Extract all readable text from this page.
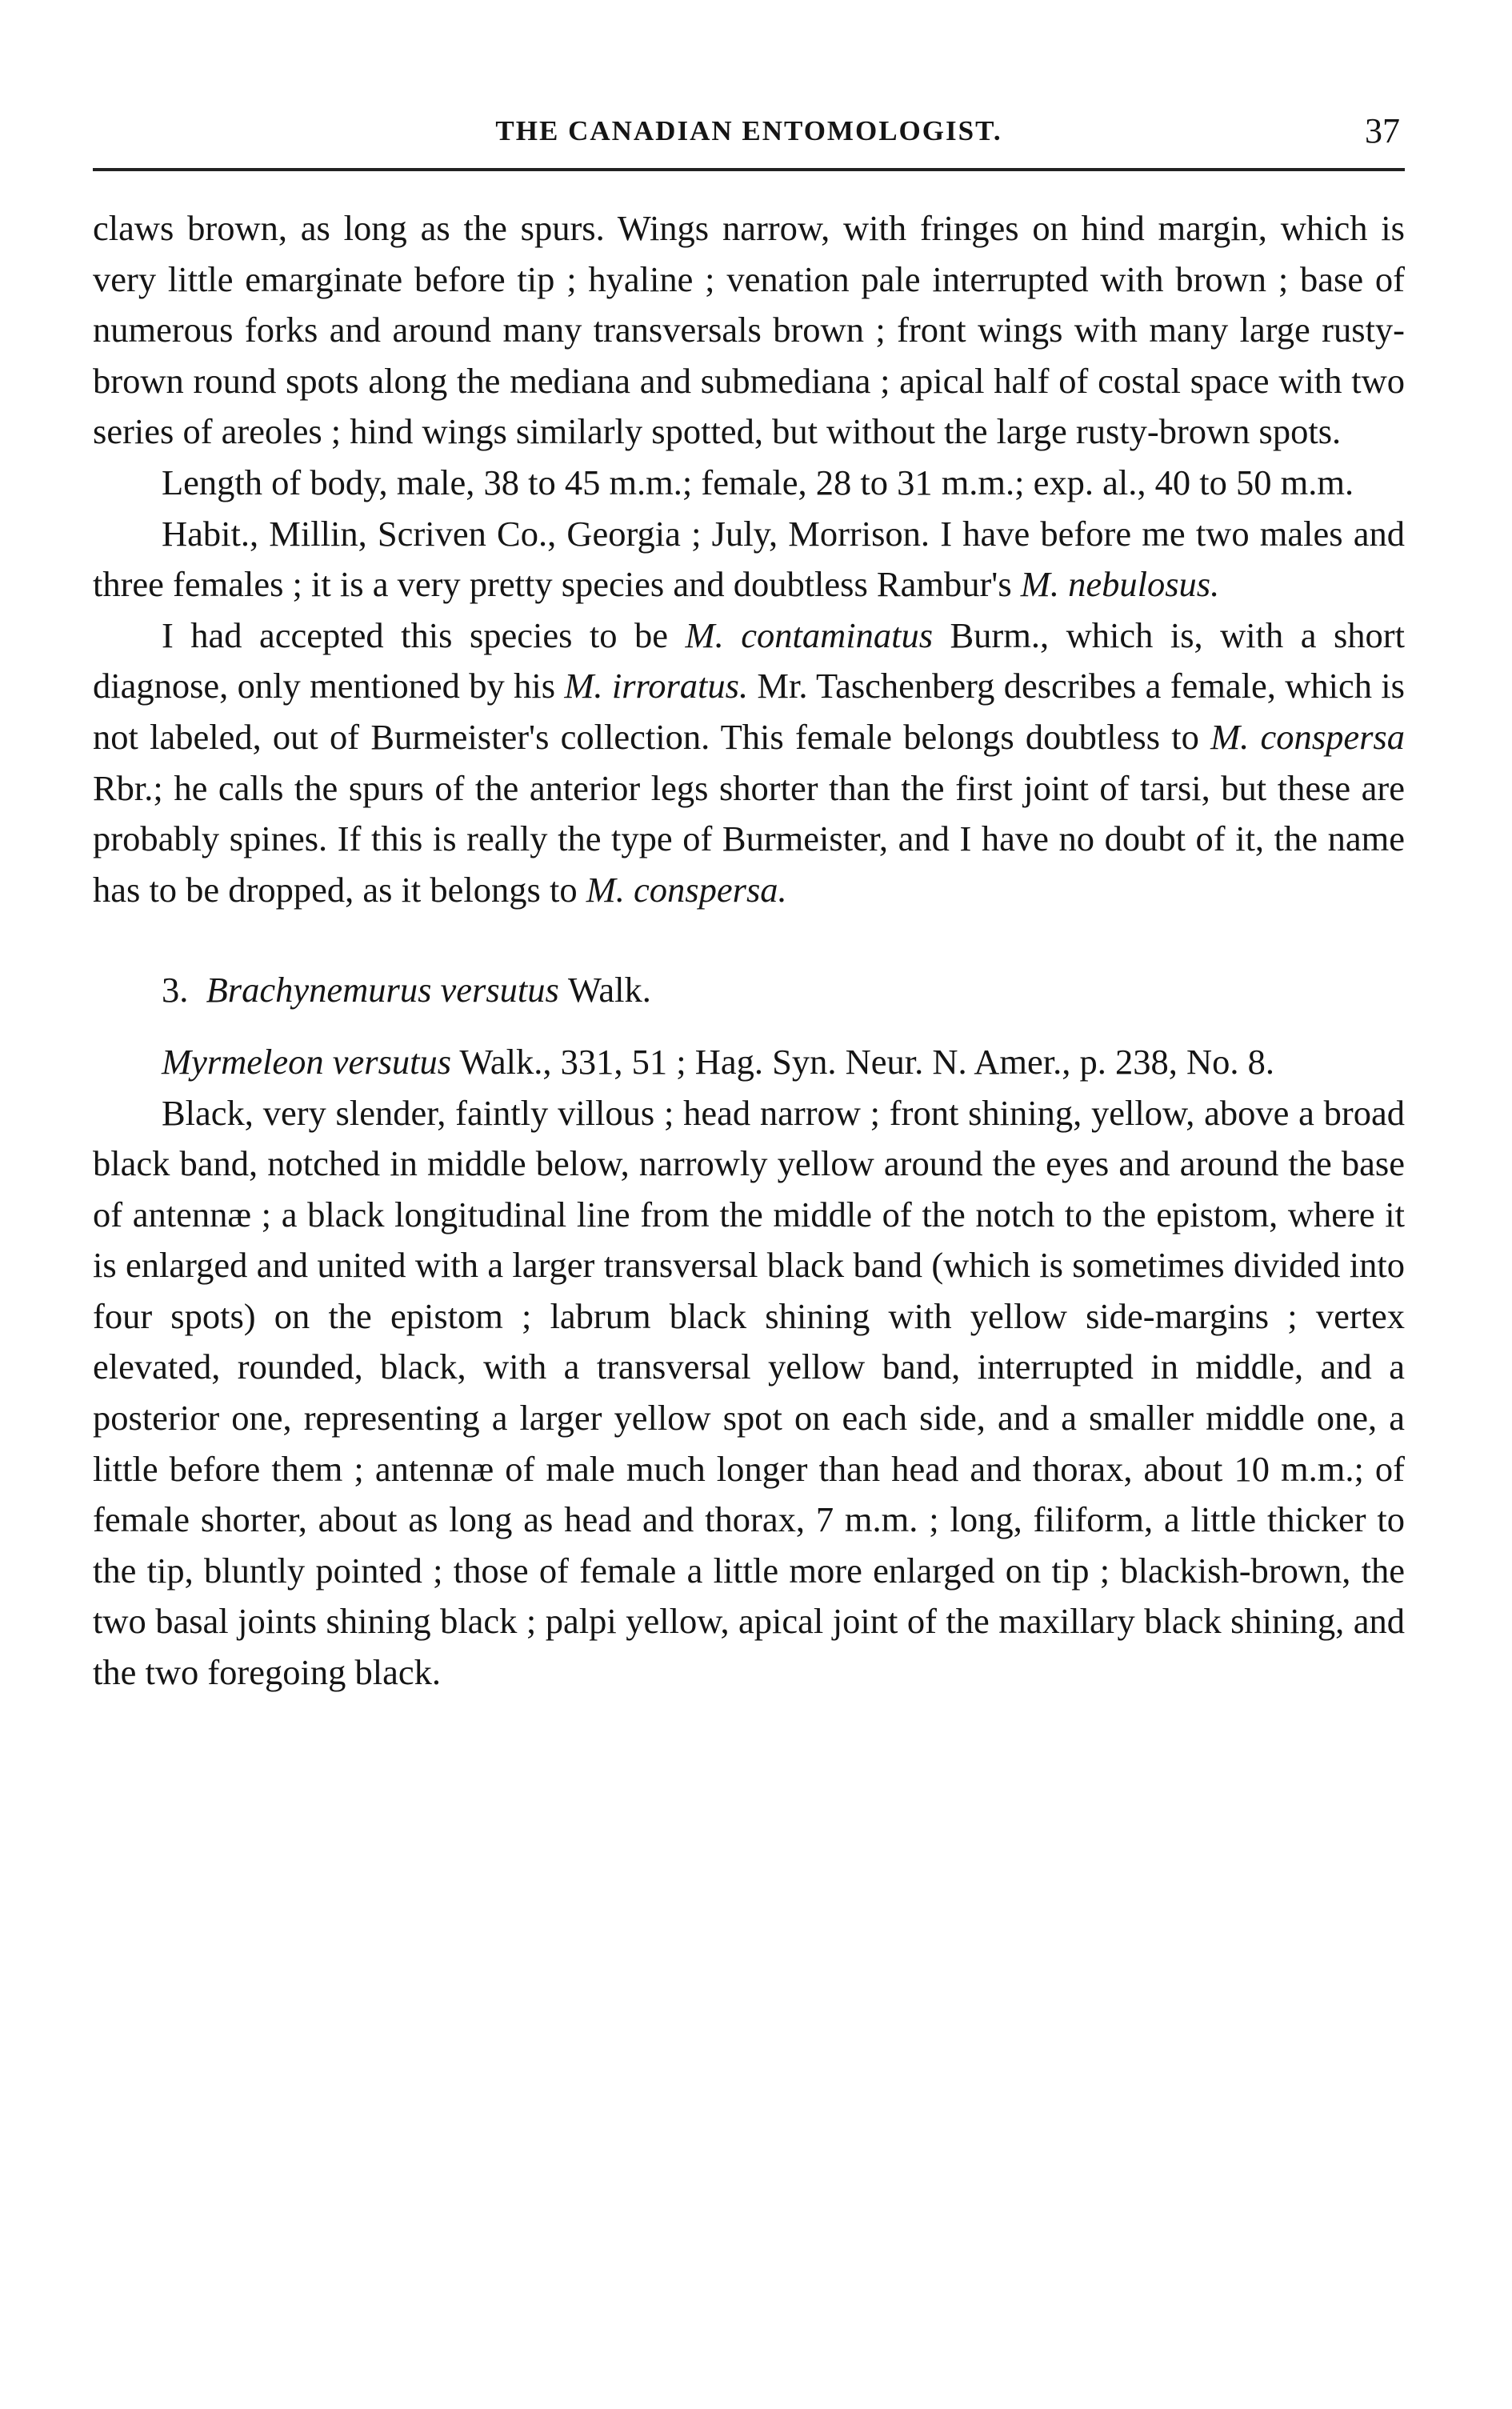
THE CANADIAN ENTOMOLOGIST.	37

claws brown, as long as the spurs. Wings narrow, with fringes on hind margin, which is very little emarginate before tip ; hyaline ; venation pale interrupted with brown ; base of numerous forks and around many transversals brown ; front wings with many large rusty-brown round spots along the mediana and submediana ; apical half of costal space with two series of areoles ; hind wings similarly spotted, but without the large rusty-brown spots.

Length of body, male, 38 to 45 m.m.; female, 28 to 31 m.m.; exp. al., 40 to 50 m.m.

Habit., Millin, Scriven Co., Georgia ; July, Morrison. I have before me two males and three females ; it is a very pretty species and doubtless Rambur's M. nebulosus.

I had accepted this species to be M. contaminatus Burm., which is, with a short diagnose, only mentioned by his M. irroratus. Mr. Taschenberg describes a female, which is not labeled, out of Burmeister's collection. This female belongs doubtless to M. conspersa Rbr.; he calls the spurs of the anterior legs shorter than the first joint of tarsi, but these are probably spines. If this is really the type of Burmeister, and I have no doubt of it, the name has to be dropped, as it belongs to M. conspersa.

3. Brachynemurus versutus Walk.

Myrmeleon versutus Walk., 331, 51 ; Hag. Syn. Neur. N. Amer., p. 238, No. 8.

Black, very slender, faintly villous ; head narrow ; front shining, yellow, above a broad black band, notched in middle below, narrowly yellow around the eyes and around the base of antennæ ; a black longitudinal line from the middle of the notch to the epistom, where it is enlarged and united with a larger transversal black band (which is sometimes divided into four spots) on the epistom ; labrum black shining with yellow side-margins ; vertex elevated, rounded, black, with a transversal yellow band, interrupted in middle, and a posterior one, representing a larger yellow spot on each side, and a smaller middle one, a little before them ; antennæ of male much longer than head and thorax, about 10 m.m.; of female shorter, about as long as head and thorax, 7 m.m. ; long, filiform, a little thicker to the tip, bluntly pointed ; those of female a little more enlarged on tip ; blackish-brown, the two basal joints shining black ; palpi yellow, apical joint of the maxillary black shining, and the two foregoing black.
